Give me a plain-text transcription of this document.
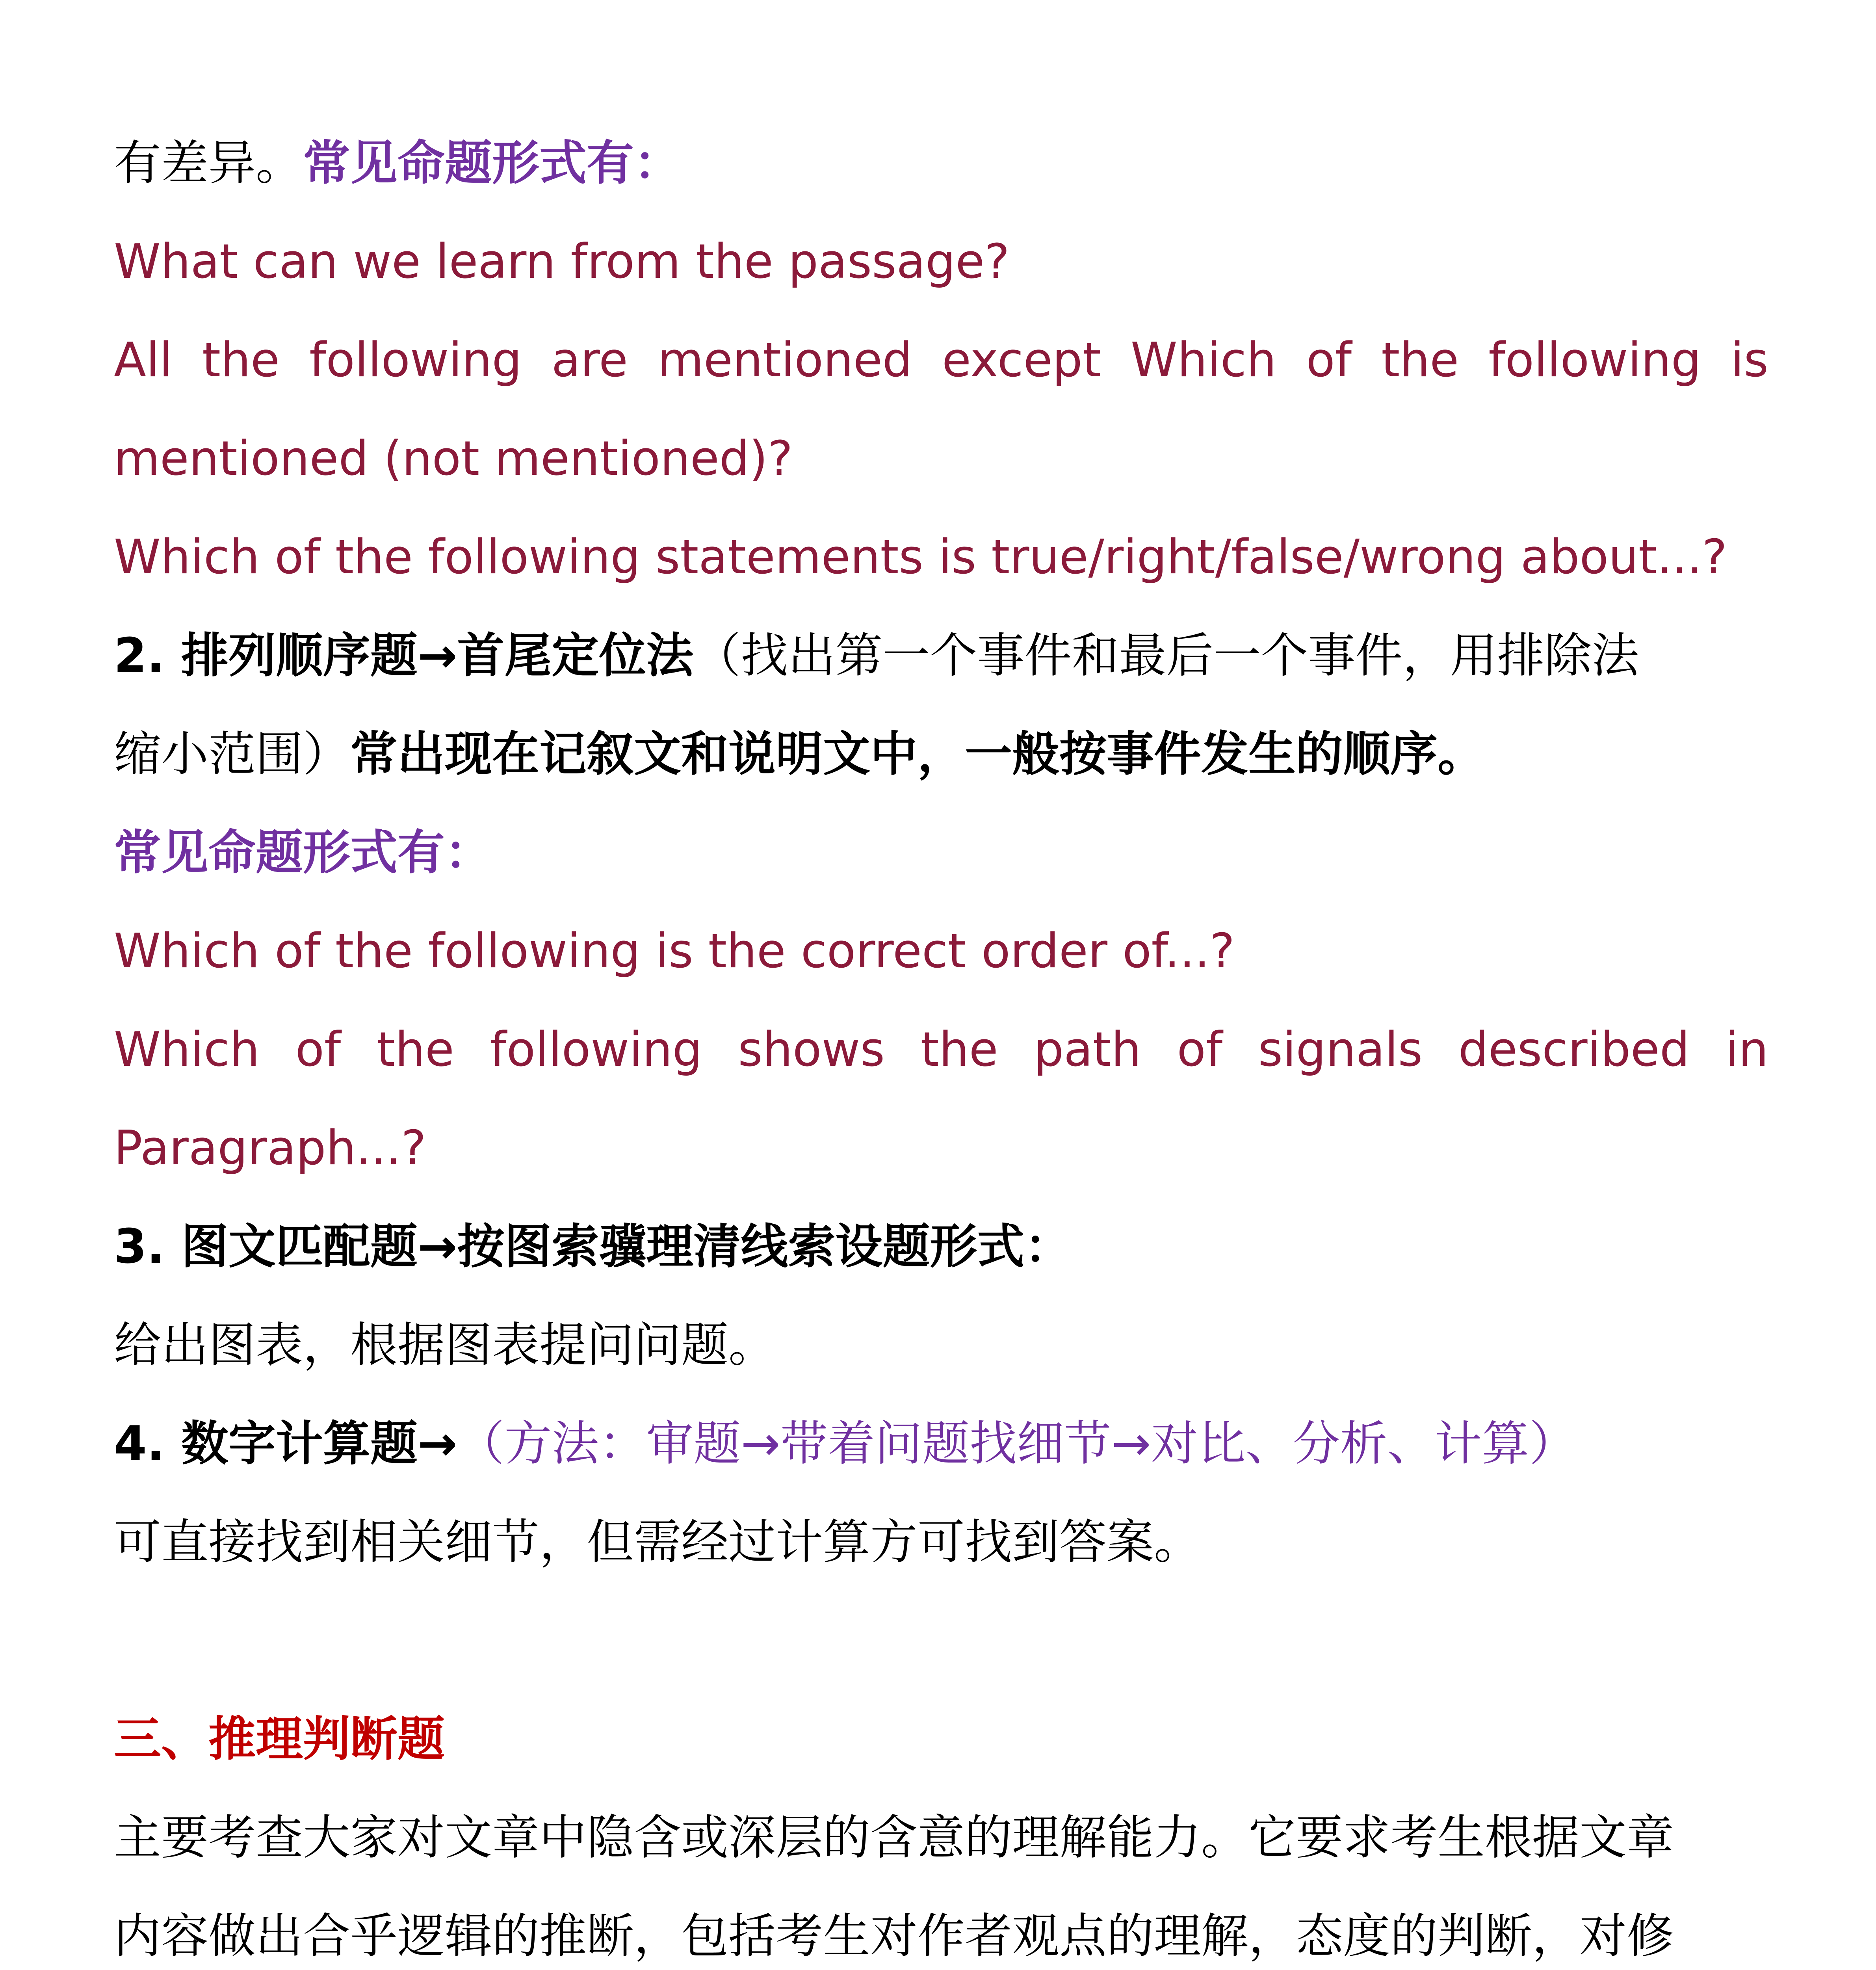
有差异。常见命题形式有：
What can we learn from the passage?
All the following are mentioned except Which of the following is
mentioned (not mentioned)?
Which of the following statements is true/right/false/wrong about...?
2. 排列顺序题→首尾定位法（找出第一个事件和最后一个事件，用排除法
缩小范围）常出现在记叙文和说明文中，一般按事件发生的顺序。
常见命题形式有：
Which of the following is the correct order of...?
Which of the following shows the path of signals described in
Paragraph...?
3. 图文匹配题→按图索骥理清线索设题形式：
给出图表，根据图表提问问题。
4. 数字计算题→（方法：审题→带着问题找细节→对比、分析、计算）
可直接找到相关细节，但需经过计算方可找到答案。
三、推理判断题
主要考查大家对文章中隐含或深层的含意的理解能力。它要求考生根据文章
内容做出合乎逻辑的推断，包括考生对作者观点的理解，态度的判断，对修
